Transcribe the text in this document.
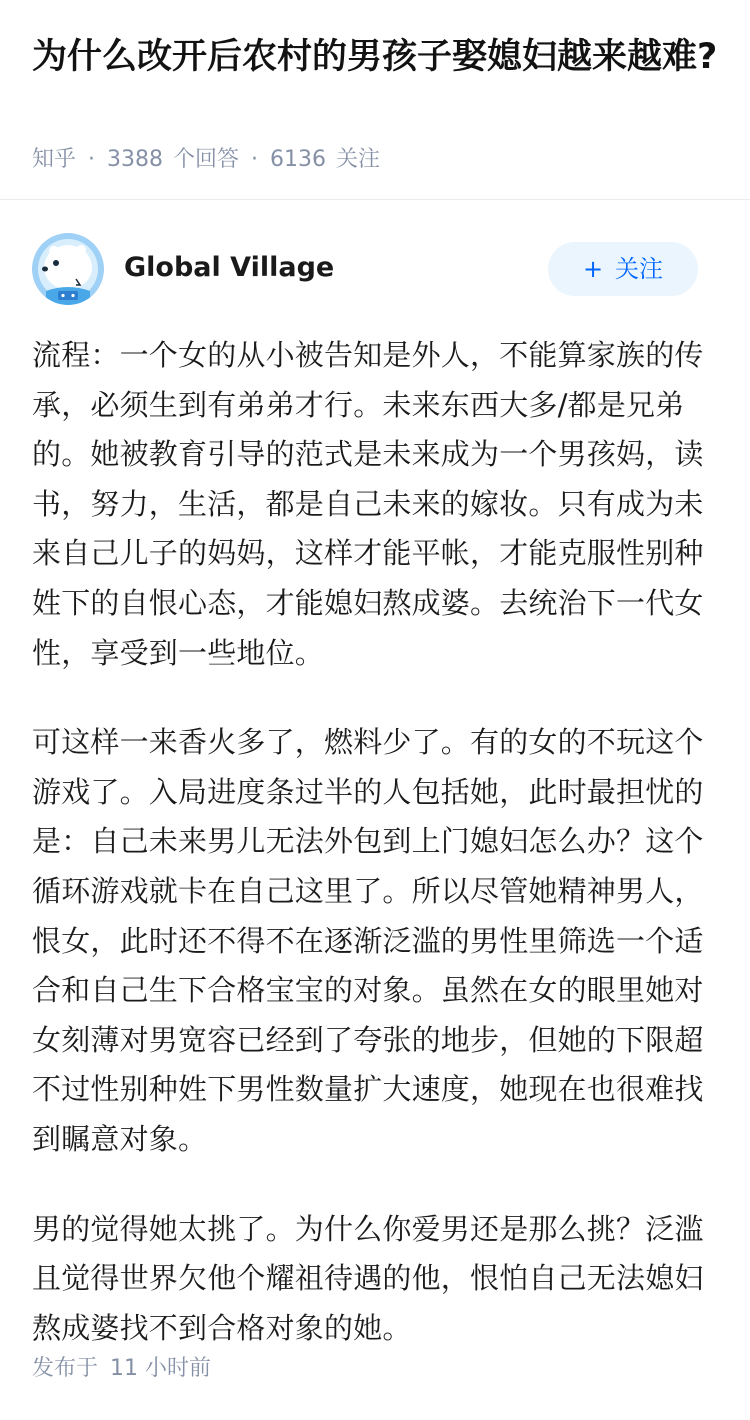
为什么改开后农村的男孩子娶媳妇越来越难?
知乎 · 3388 个回答 · 6136 关注
Global Village	+ 关注

流程：一个女的从小被告知是外人，不能算家族的传承，必须生到有弟弟才行。未来东西大多/都是兄弟的。她被教育引导的范式是未来成为一个男孩妈，读书，努力，生活，都是自己未来的嫁妆。只有成为未来自己儿子的妈妈，这样才能平帐，才能克服性别种姓下的自恨心态，才能媳妇熬成婆。去统治下一代女性，享受到一些地位。

可这样一来香火多了，燃料少了。有的女的不玩这个游戏了。入局进度条过半的人包括她，此时最担忧的是：自己未来男儿无法外包到上门媳妇怎么办？这个循环游戏就卡在自己这里了。所以尽管她精神男人，恨女，此时还不得不在逐渐泛滥的男性里筛选一个适合和自己生下合格宝宝的对象。虽然在女的眼里她对女刻薄对男宽容已经到了夸张的地步，但她的下限超不过性别种姓下男性数量扩大速度，她现在也很难找到瞩意对象。

男的觉得她太挑了。为什么你爱男还是那么挑？泛滥且觉得世界欠他个耀祖待遇的他，恨怕自己无法媳妇熬成婆找不到合格对象的她。

发布于 11 小时前
